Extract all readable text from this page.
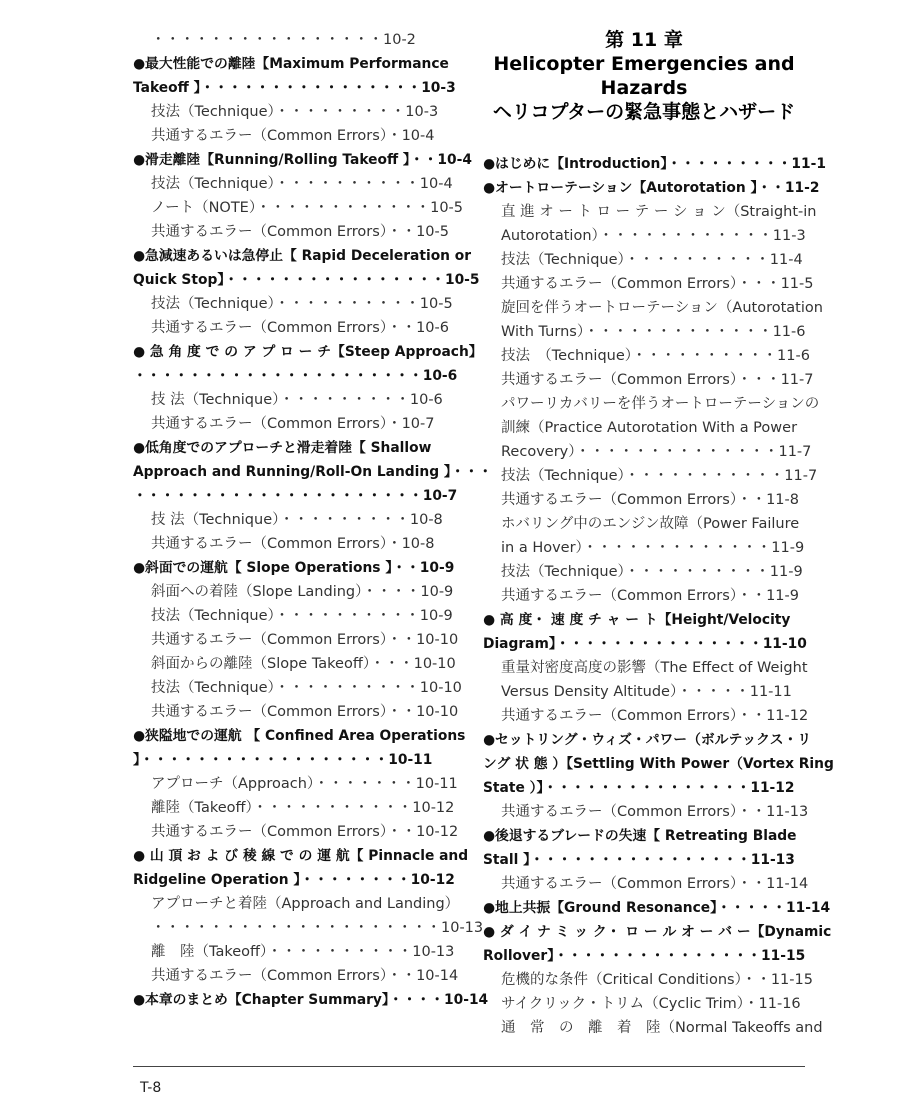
・・・・・・・・・・・・・・・・10-2
●最大性能での離陸【Maximum Performance
Takeoff 】・・・・・・・・・・・・・・・・10-3
技法（Technique）・・・・・・・・・10-3
共通するエラー（Common Errors）・10-4
●滑走離陸【Running/Rolling Takeoff 】・・10-4
技法（Technique）・・・・・・・・・・10-4
ノート（NOTE）・・・・・・・・・・・・10-5
共通するエラー（Common Errors）・・10-5
●急減速あるいは急停止【 Rapid Deceleration or
Quick Stop】・・・・・・・・・・・・・・・・10-5
技法（Technique）・・・・・・・・・・10-5
共通するエラー（Common Errors）・・10-6
● 急 角 度 で の ア プ ロ ー チ【Steep Approach】
・・・・・・・・・・・・・・・・・・・・・10-6
技 法（Technique）・・・・・・・・・10-6
共通するエラー（Common Errors）・10-7
●低角度でのアプローチと滑走着陸【 Shallow
Approach and Running/Roll-On Landing 】・・・
・・・・・・・・・・・・・・・・・・・・・10-7
技 法（Technique）・・・・・・・・・10-8
共通するエラー（Common Errors）・10-8
●斜面での運航【 Slope Operations 】・・10-9
斜面への着陸（Slope Landing）・・・・10-9
技法（Technique）・・・・・・・・・・10-9
共通するエラー（Common Errors）・・10-10
斜面からの離陸（Slope Takeoff）・・・10-10
技法（Technique）・・・・・・・・・・10-10
共通するエラー（Common Errors）・・10-10
●狭隘地での運航 【 Confined Area Operations
】・・・・・・・・・・・・・・・・・・10-11
アプローチ（Approach）・・・・・・・10-11
離陸（Takeoff）・・・・・・・・・・・10-12
共通するエラー（Common Errors）・・10-12
● 山 頂 お よ び 稜 線 で の 運 航【 Pinnacle and
Ridgeline Operation 】・・・・・・・・10-12
アプローチと着陸（Approach and Landing）
・・・・・・・・・・・・・・・・・・・・10-13
離　陸（Takeoff）・・・・・・・・・・10-13
共通するエラー（Common Errors）・・10-14
●本章のまとめ【Chapter Summary】・・・・10-14
第 11 章
Helicopter Emergencies and
Hazards
ヘリコプターの緊急事態とハザード
●はじめに【Introduction】・・・・・・・・・11-1
●オートローテーション【Autorotation 】・・11-2
直 進 オ ー ト ロ ー テ ー シ ョ ン（Straight-in
Autorotation）・・・・・・・・・・・・11-3
技法（Technique）・・・・・・・・・・11-4
共通するエラー（Common Errors）・・・11-5
旋回を伴うオートローテーション（Autorotation
With Turns）・・・・・・・・・・・・・11-6
技法　（Technique）・・・・・・・・・・11-6
共通するエラー（Common Errors）・・・11-7
パワーリカバリーを伴うオートローテーションの
訓練（Practice Autorotation With a Power
Recovery）・・・・・・・・・・・・・・11-7
技法（Technique）・・・・・・・・・・・11-7
共通するエラー（Common Errors）・・11-8
ホバリング中のエンジン故障（Power Failure
in a Hover）・・・・・・・・・・・・・11-9
技法（Technique）・・・・・・・・・・11-9
共通するエラー（Common Errors）・・11-9
● 高 度・ 速 度 チ ャ ー ト【Height/Velocity
Diagram】・・・・・・・・・・・・・・・11-10
重量対密度高度の影響（The Effect of Weight
Versus Density Altitude）・・・・・11-11
共通するエラー（Common Errors）・・11-12
●セットリング・ウィズ・パワー（ボルテックス・リ
ング 状 態 ）【Settling With Power（Vortex Ring
State ）】・・・・・・・・・・・・・・・11-12
共通するエラー（Common Errors）・・11-13
●後退するブレードの失速【 Retreating Blade
Stall 】・・・・・・・・・・・・・・・・11-13
共通するエラー（Common Errors）・・11-14
●地上共振【Ground Resonance】・・・・・11-14
● ダ イ ナ ミ ッ ク・ ロ ー ル オ ー バ ー【Dynamic
Rollover】・・・・・・・・・・・・・・・11-15
危機的な条件（Critical Conditions）・・11-15
サイクリック・トリム（Cyclic Trim）・11-16
通　常　の　離　着　陸（Normal Takeoffs and
T-8
